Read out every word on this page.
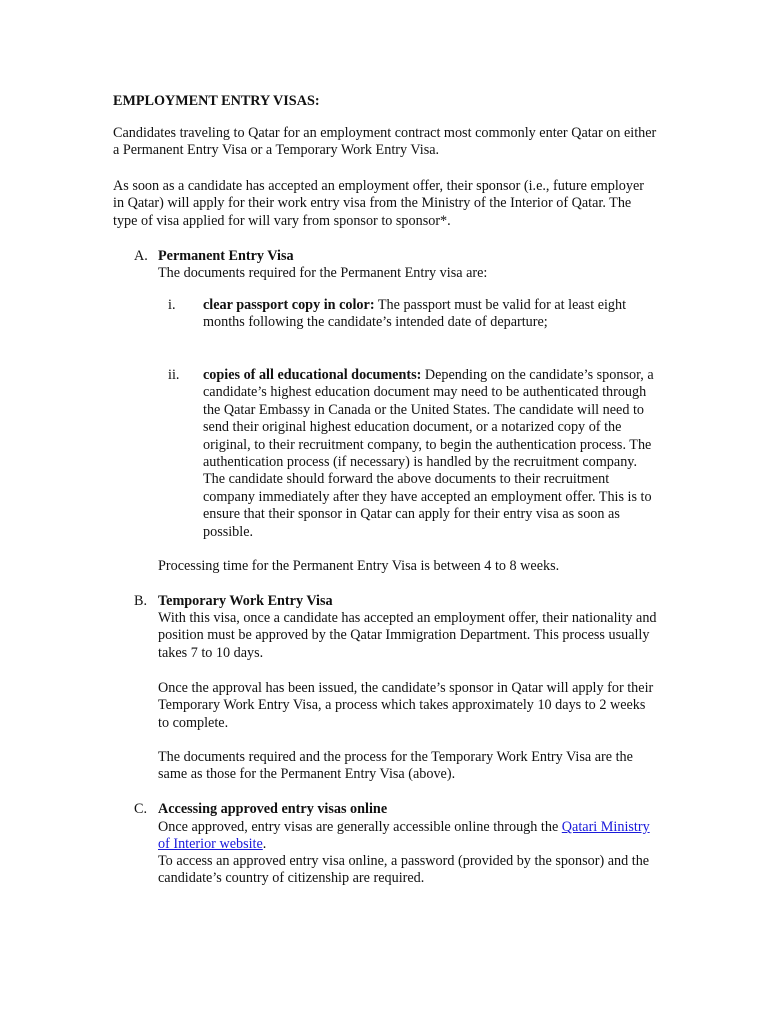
EMPLOYMENT ENTRY VISAS:

Candidates traveling to Qatar for an employment contract most commonly enter Qatar on either a Permanent Entry Visa or a Temporary Work Entry Visa.

As soon as a candidate has accepted an employment offer, their sponsor (i.e., future employer in Qatar) will apply for their work entry visa from the Ministry of the Interior of Qatar. The type of visa applied for will vary from sponsor to sponsor*.

A. Permanent Entry Visa

The documents required for the Permanent Entry visa are:

i.	clear passport copy in color: The passport must be valid for at least eight months following the candidate’s intended date of departure;

ii.	copies of all educational documents: Depending on the candidate’s sponsor, a candidate’s highest education document may need to be authenticated through the Qatar Embassy in Canada or the United States. The candidate will need to send their original highest education document, or a notarized copy of the original, to their recruitment company, to begin the authentication process. The authentication process (if necessary) is handled by the recruitment company. The candidate should forward the above documents to their recruitment company immediately after they have accepted an employment offer. This is to ensure that their sponsor in Qatar can apply for their entry visa as soon as possible.

Processing time for the Permanent Entry Visa is between 4 to 8 weeks.

B. Temporary Work Entry Visa

With this visa, once a candidate has accepted an employment offer, their nationality and position must be approved by the Qatar Immigration Department. This process usually takes 7 to 10 days.

Once the approval has been issued, the candidate’s sponsor in Qatar will apply for their Temporary Work Entry Visa, a process which takes approximately 10 days to 2 weeks to complete.

The documents required and the process for the Temporary Work Entry Visa are the same as those for the Permanent Entry Visa (above).

C. Accessing approved entry visas online

Once approved, entry visas are generally accessible online through the Qatari Ministry of Interior website.

To access an approved entry visa online, a password (provided by the sponsor) and the candidate’s country of citizenship are required.
